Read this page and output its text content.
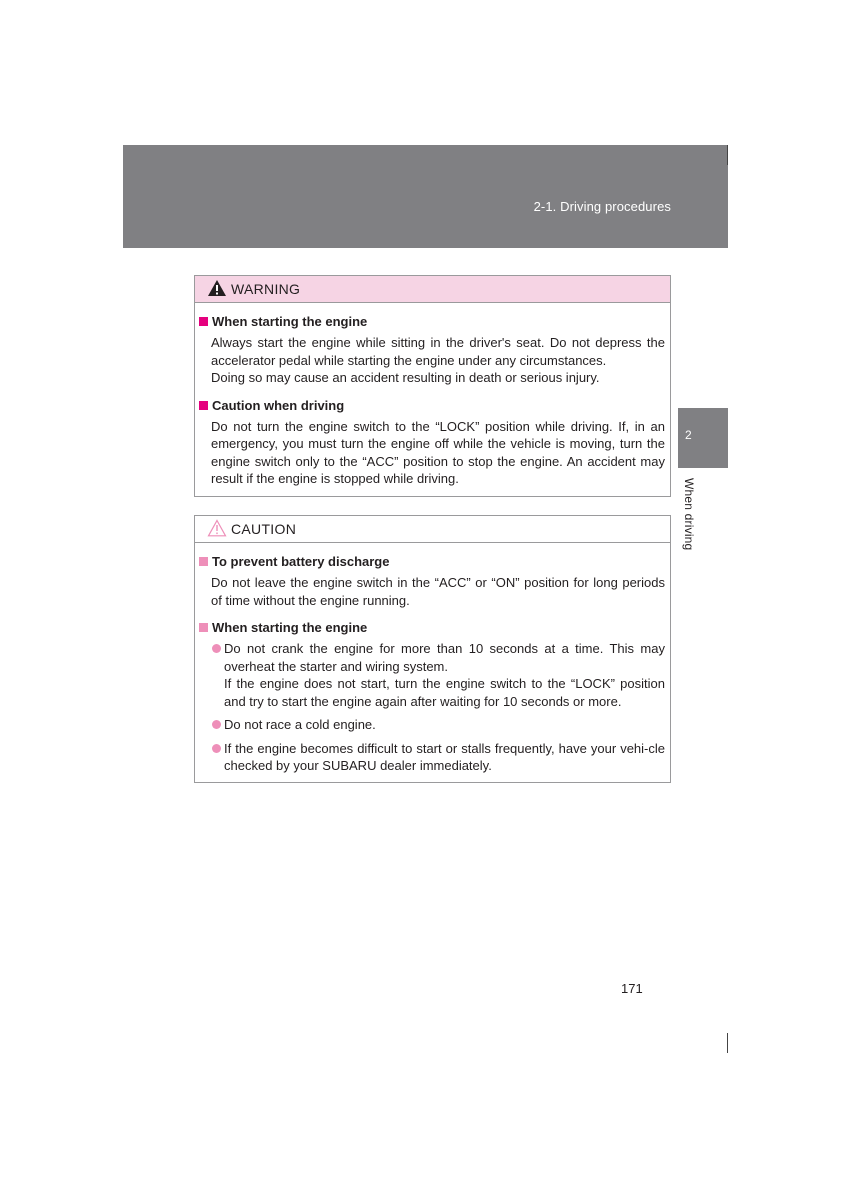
2-1. Driving procedures
2
When driving
WARNING
When starting the engine
Always start the engine while sitting in the driver's seat. Do not depress the accelerator pedal while starting the engine under any circumstances.
Doing so may cause an accident resulting in death or serious injury.
Caution when driving
Do not turn the engine switch to the “LOCK” position while driving. If, in an emergency, you must turn the engine off while the vehicle is moving, turn the engine switch only to the “ACC” position to stop the engine. An accident may result if the engine is stopped while driving.
CAUTION
To prevent battery discharge
Do not leave the engine switch in the “ACC” or “ON” position for long periods of time without the engine running.
When starting the engine
Do not crank the engine for more than 10 seconds at a time. This may overheat the starter and wiring system.
If the engine does not start, turn the engine switch to the “LOCK” position and try to start the engine again after waiting for 10 seconds or more.
Do not race a cold engine.
If the engine becomes difficult to start or stalls frequently, have your vehi-cle checked by your SUBARU dealer immediately.
171
